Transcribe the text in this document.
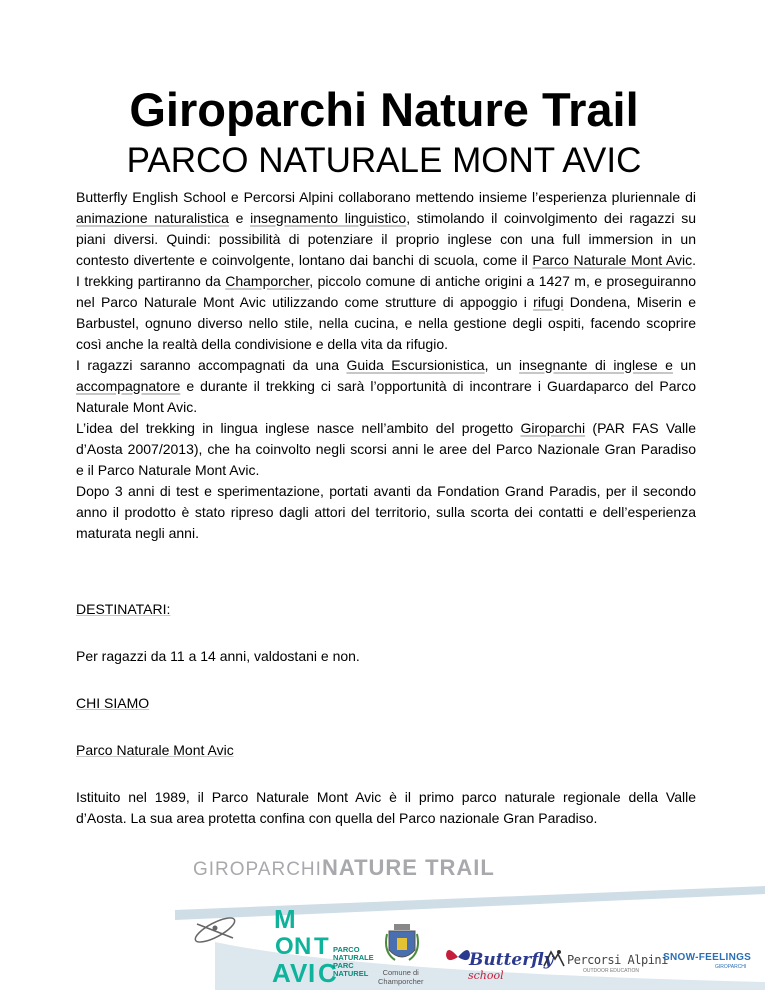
Giroparchi Nature Trail
PARCO NATURALE MONT AVIC
Butterfly English School e Percorsi Alpini collaborano mettendo insieme l’esperienza pluriennale di
animazione naturalistica e insegnamento linguistico, stimolando il coinvolgimento dei ragazzi su
piani diversi. Quindi: possibilità di potenziare il proprio inglese con una full immersion in un
contesto divertente e coinvolgente, lontano dai banchi di scuola, come il Parco Naturale Mont Avic.
I trekking partiranno da Champorcher, piccolo comune di antiche origini a 1427 m, e proseguiranno
nel Parco Naturale Mont Avic utilizzando come strutture di appoggio i rifugi Dondena, Miserin e
Barbustel, ognuno diverso nello stile, nella cucina, e nella gestione degli ospiti, facendo scoprire
così anche la realtà della condivisione e della vita da rifugio.
I ragazzi saranno accompagnati da una Guida Escursionistica, un insegnante di inglese e un
accompagnatore e durante il trekking ci sarà l’opportunità di incontrare i Guardaparco del Parco
Naturale Mont Avic.
L’idea del trekking in lingua inglese nasce nell’ambito del progetto Giroparchi (PAR FAS Valle
d’Aosta 2007/2013), che ha coinvolto negli scorsi anni le aree del Parco Nazionale Gran Paradiso
e il Parco Naturale Mont Avic.
Dopo 3 anni di test e sperimentazione, portati avanti da Fondation Grand Paradis, per il secondo
anno il prodotto è stato ripreso dagli attori del territorio, sulla scorta dei contatti e dell’esperienza
maturata negli anni.
DESTINATARI:
Per ragazzi da 11 a 14 anni, valdostani e non.
CHI SIAMO
Parco Naturale Mont Avic
Istituito nel 1989, il Parco Naturale Mont Avic è il primo parco naturale regionale della Valle
d’Aosta. La sua area protetta confina con quella del Parco nazionale Gran Paradiso.
GIROPARCHINATURE TRAIL
M
O N T
A V I C
PARCO
NATURALE
PARC
NATUREL	Comune di
Champorcher
Butterfly
school
Percorsi Alpini
OUTDOOR EDUCATION
SNOW-FEELINGS
GIROPARCHI
